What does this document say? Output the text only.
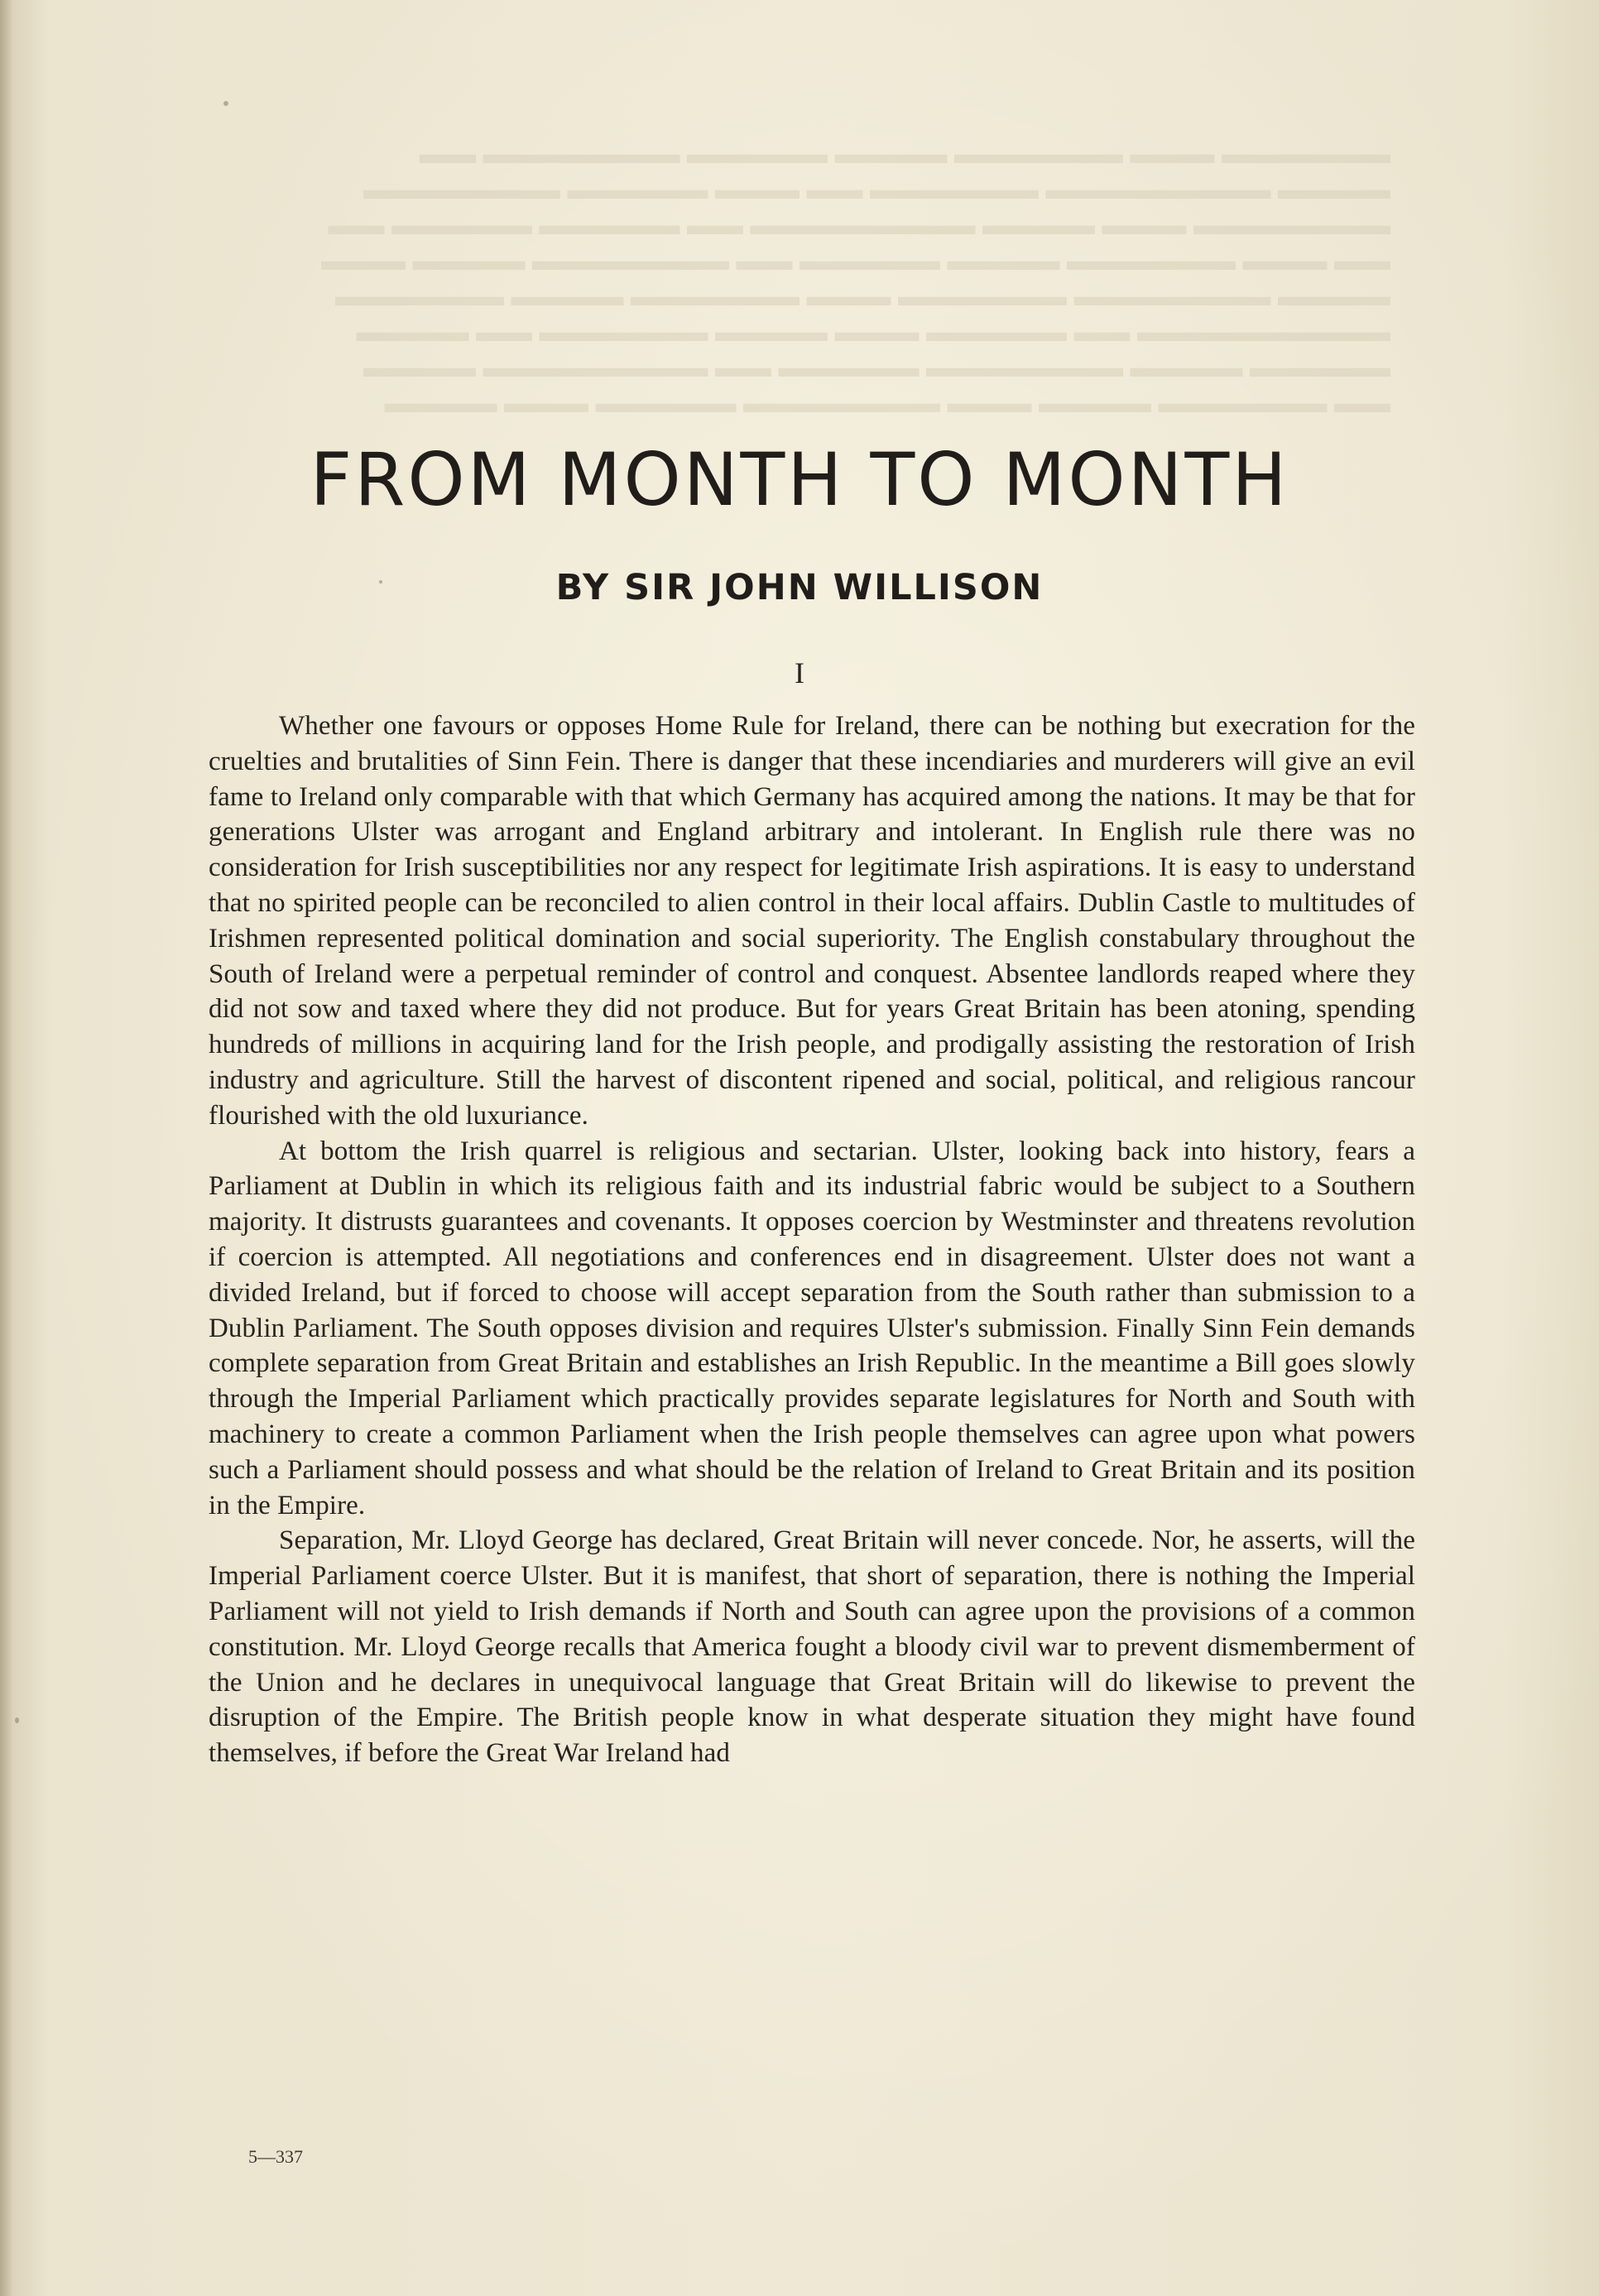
▬▬▬▬▬▬ ▬▬▬ ▬▬▬▬▬▬ ▬▬▬▬ ▬▬▬▬▬ ▬▬▬▬▬▬▬ ▬▬
▬▬▬▬ ▬▬▬▬▬▬▬▬ ▬▬▬▬▬▬ ▬▬ ▬▬▬ ▬▬▬▬▬ ▬▬▬▬▬▬▬
▬▬▬▬▬▬▬ ▬▬▬ ▬▬▬▬ ▬▬▬▬▬▬▬▬ ▬▬ ▬▬▬▬▬ ▬▬▬▬▬ ▬▬
▬▬ ▬▬▬ ▬▬▬▬▬▬ ▬▬▬▬ ▬▬▬▬▬ ▬▬ ▬▬▬▬▬▬▬ ▬▬▬▬ ▬▬▬
▬▬▬▬ ▬▬▬▬▬▬▬ ▬▬▬▬▬▬ ▬▬▬ ▬▬▬▬▬▬ ▬▬▬▬ ▬▬▬▬▬▬
▬▬▬▬▬▬▬▬▬ ▬▬ ▬▬▬▬▬ ▬▬▬ ▬▬▬▬ ▬▬▬▬▬▬ ▬▬ ▬▬▬▬
▬▬▬▬▬ ▬▬▬▬ ▬▬▬▬▬▬▬ ▬▬▬▬▬ ▬▬ ▬▬▬▬▬▬▬▬ ▬▬▬▬
▬▬ ▬▬▬▬▬▬ ▬▬▬▬ ▬▬▬ ▬▬▬▬▬▬▬ ▬▬▬▬▬ ▬▬▬ ▬▬▬▬
FROM MONTH TO MONTH
BY SIR JOHN WILLISON

I

Whether one favours or opposes Home Rule for Ireland, there can be nothing but execration for the cruelties and brutalities of Sinn Fein. There is danger that these incendiaries and murderers will give an evil fame to Ireland only comparable with that which Germany has acquired among the nations. It may be that for generations Ulster was arrogant and England arbitrary and intolerant. In English rule there was no consideration for Irish susceptibilities nor any respect for legitimate Irish aspirations. It is easy to understand that no spirited people can be reconciled to alien control in their local affairs. Dublin Castle to multitudes of Irishmen represented political domination and social superiority. The English constabulary throughout the South of Ireland were a perpetual reminder of control and conquest. Absentee landlords reaped where they did not sow and taxed where they did not produce. But for years Great Britain has been atoning, spending hundreds of millions in acquiring land for the Irish people, and prodigally assisting the restoration of Irish industry and agriculture. Still the harvest of discontent ripened and social, political, and religious rancour flourished with the old luxuriance.

At bottom the Irish quarrel is religious and sectarian. Ulster, looking back into history, fears a Parliament at Dublin in which its religious faith and its industrial fabric would be subject to a Southern majority. It distrusts guarantees and covenants. It opposes coercion by Westminster and threatens revolution if coercion is attempted. All negotiations and conferences end in disagreement. Ulster does not want a divided Ireland, but if forced to choose will accept separation from the South rather than submission to a Dublin Parliament. The South opposes division and requires Ulster's submission. Finally Sinn Fein demands complete separation from Great Britain and establishes an Irish Republic. In the meantime a Bill goes slowly through the Imperial Parliament which practically provides separate legislatures for North and South with machinery to create a common Parliament when the Irish people themselves can agree upon what powers such a Parliament should possess and what should be the relation of Ireland to Great Britain and its position in the Empire.

Separation, Mr. Lloyd George has declared, Great Britain will never concede. Nor, he asserts, will the Imperial Parliament coerce Ulster. But it is manifest, that short of separation, there is nothing the Imperial Parliament will not yield to Irish demands if North and South can agree upon the provisions of a common constitution. Mr. Lloyd George recalls that America fought a bloody civil war to prevent dismemberment of the Union and he declares in unequivocal language that Great Britain will do likewise to prevent the disruption of the Empire. The British people know in what desperate situation they might have found themselves, if before the Great War Ireland had

5—337
